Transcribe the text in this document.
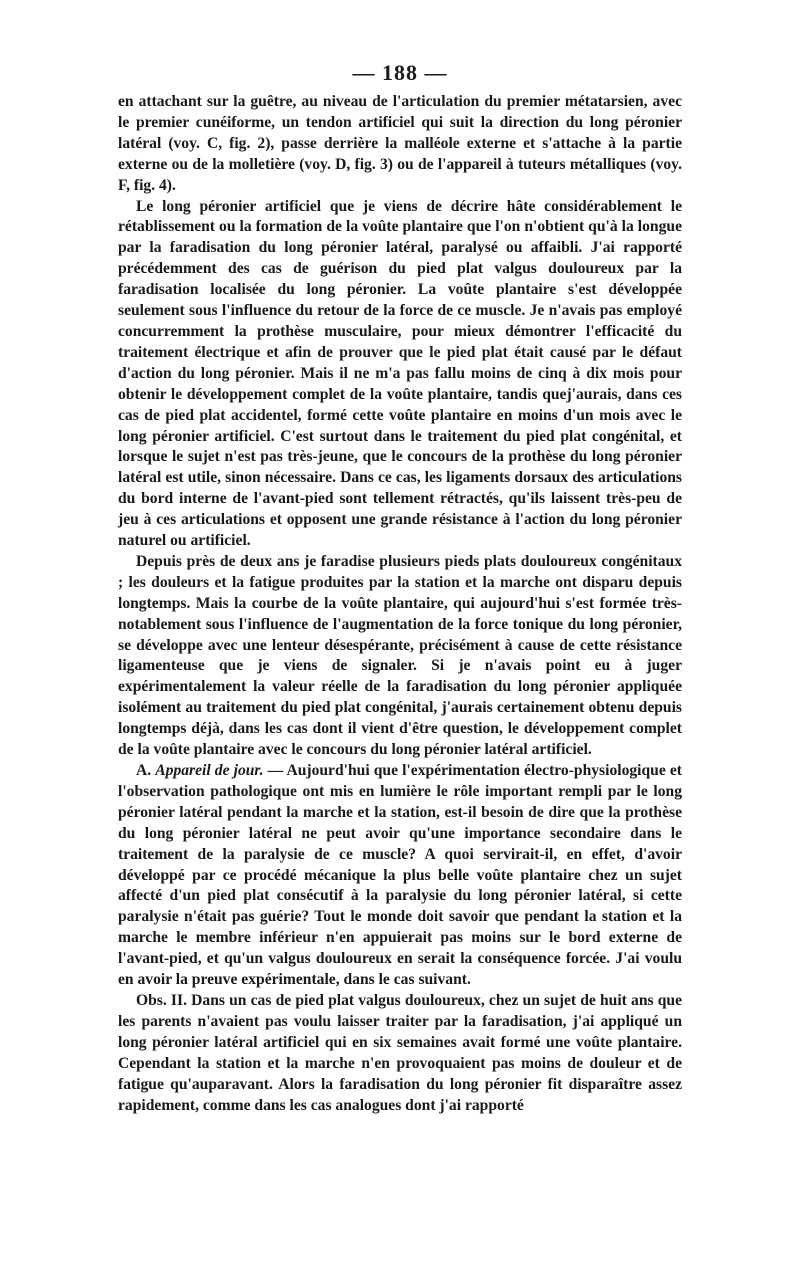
— 188 —

en attachant sur la guêtre, au niveau de l'articulation du premier métatarsien, avec le premier cunéiforme, un tendon artificiel qui suit la direction du long péronier latéral (voy. C, fig. 2), passe derrière la malléole externe et s'attache à la partie externe ou de la molletière (voy. D, fig. 3) ou de l'appareil à tuteurs métalliques (voy. F, fig. 4).

Le long péronier artificiel que je viens de décrire hâte considérablement le rétablissement ou la formation de la voûte plantaire que l'on n'obtient qu'à la longue par la faradisation du long péronier latéral, paralysé ou affaibli. J'ai rapporté précédemment des cas de guérison du pied plat valgus douloureux par la faradisation localisée du long péronier. La voûte plantaire s'est développée seulement sous l'influence du retour de la force de ce muscle. Je n'avais pas employé concurremment la prothèse musculaire, pour mieux démontrer l'efficacité du traitement électrique et afin de prouver que le pied plat était causé par le défaut d'action du long péronier. Mais il ne m'a pas fallu moins de cinq à dix mois pour obtenir le développement complet de la voûte plantaire, tandis quej'aurais, dans ces cas de pied plat accidentel, formé cette voûte plantaire en moins d'un mois avec le long péronier artificiel. C'est surtout dans le traitement du pied plat congénital, et lorsque le sujet n'est pas très-jeune, que le concours de la prothèse du long péronier latéral est utile, sinon nécessaire. Dans ce cas, les ligaments dorsaux des articulations du bord interne de l'avant-pied sont tellement rétractés, qu'ils laissent très-peu de jeu à ces articulations et opposent une grande résistance à l'action du long péronier naturel ou artificiel.

Depuis près de deux ans je faradise plusieurs pieds plats douloureux congénitaux ; les douleurs et la fatigue produites par la station et la marche ont disparu depuis longtemps. Mais la courbe de la voûte plantaire, qui aujourd'hui s'est formée très-notablement sous l'influence de l'augmentation de la force tonique du long péronier, se développe avec une lenteur désespérante, précisément à cause de cette résistance ligamenteuse que je viens de signaler. Si je n'avais point eu à juger expérimentalement la valeur réelle de la faradisation du long péronier appliquée isolément au traitement du pied plat congénital, j'aurais certainement obtenu depuis longtemps déjà, dans les cas dont il vient d'être question, le développement complet de la voûte plantaire avec le concours du long péronier latéral artificiel.

A. Appareil de jour. — Aujourd'hui que l'expérimentation électro-physiologique et l'observation pathologique ont mis en lumière le rôle important rempli par le long péronier latéral pendant la marche et la station, est-il besoin de dire que la prothèse du long péronier latéral ne peut avoir qu'une importance secondaire dans le traitement de la paralysie de ce muscle? A quoi servirait-il, en effet, d'avoir développé par ce procédé mécanique la plus belle voûte plantaire chez un sujet affecté d'un pied plat consécutif à la paralysie du long péronier latéral, si cette paralysie n'était pas guérie? Tout le monde doit savoir que pendant la station et la marche le membre inférieur n'en appuierait pas moins sur le bord externe de l'avant-pied, et qu'un valgus douloureux en serait la conséquence forcée. J'ai voulu en avoir la preuve expérimentale, dans le cas suivant.

Obs. II. Dans un cas de pied plat valgus douloureux, chez un sujet de huit ans que les parents n'avaient pas voulu laisser traiter par la faradisation, j'ai appliqué un long péronier latéral artificiel qui en six semaines avait formé une voûte plantaire. Cependant la station et la marche n'en provoquaient pas moins de douleur et de fatigue qu'auparavant. Alors la faradisation du long péronier fit disparaître assez rapidement, comme dans les cas analogues dont j'ai rapporté
